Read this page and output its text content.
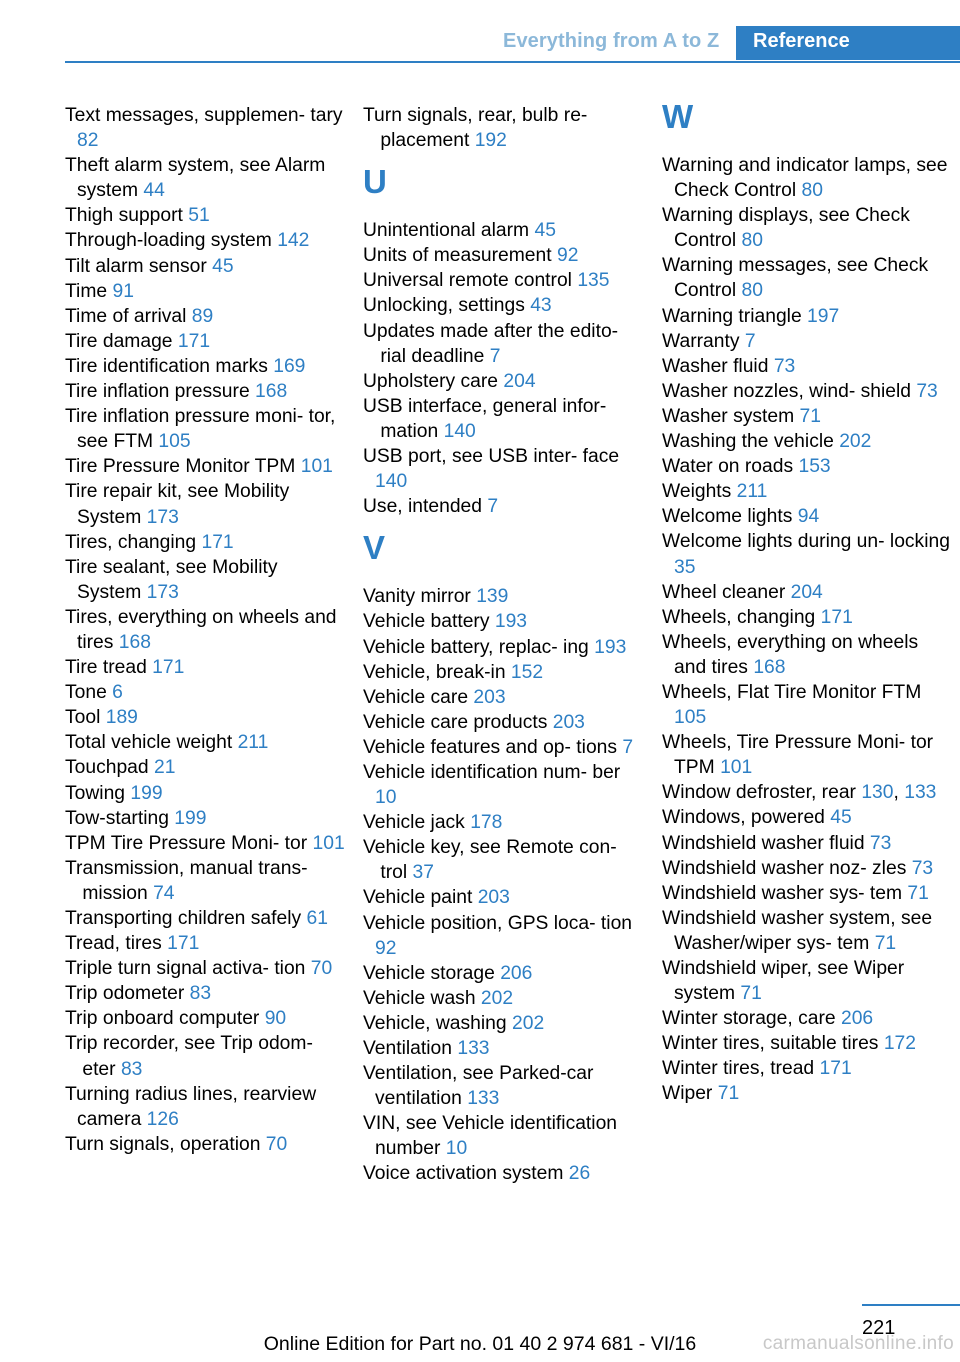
Everything from A to Z	Reference
Text messages, supplemen- tary 82
Theft alarm system, see Alarm system 44
Thigh support 51
Through-loading system 142
Tilt alarm sensor 45
Time 91
Time of arrival 89
Tire damage 171
Tire identification marks 169
Tire inflation pressure 168
Tire inflation pressure moni- tor, see FTM 105
Tire Pressure Monitor TPM 101
Tire repair kit, see Mobility System 173
Tires, changing 171
Tire sealant, see Mobility System 173
Tires, everything on wheels and tires 168
Tire tread 171
Tone 6
Tool 189
Total vehicle weight 211
Touchpad 21
Towing 199
Tow-starting 199
TPM Tire Pressure Moni- tor 101
Transmission, manual trans- mission 74
Transporting children safely 61
Tread, tires 171
Triple turn signal activa- tion 70
Trip odometer 83
Trip onboard computer 90
Trip recorder, see Trip odom- eter 83
Turning radius lines, rearview camera 126
Turn signals, operation 70
Turn signals, rear, bulb re- placement 192
U
Unintentional alarm 45
Units of measurement 92
Universal remote control 135
Unlocking, settings 43
Updates made after the edito- rial deadline 7
Upholstery care 204
USB interface, general infor- mation 140
USB port, see USB inter- face 140
Use, intended 7
V
Vanity mirror 139
Vehicle battery 193
Vehicle battery, replac- ing 193
Vehicle, break-in 152
Vehicle care 203
Vehicle care products 203
Vehicle features and op- tions 7
Vehicle identification num- ber 10
Vehicle jack 178
Vehicle key, see Remote con- trol 37
Vehicle paint 203
Vehicle position, GPS loca- tion 92
Vehicle storage 206
Vehicle wash 202
Vehicle, washing 202
Ventilation 133
Ventilation, see Parked-car ventilation 133
VIN, see Vehicle identification number 10
Voice activation system 26
W
Warning and indicator lamps, see Check Control 80
Warning displays, see Check Control 80
Warning messages, see Check Control 80
Warning triangle 197
Warranty 7
Washer fluid 73
Washer nozzles, wind- shield 73
Washer system 71
Washing the vehicle 202
Water on roads 153
Weights 211
Welcome lights 94
Welcome lights during un- locking 35
Wheel cleaner 204
Wheels, changing 171
Wheels, everything on wheels and tires 168
Wheels, Flat Tire Monitor FTM 105
Wheels, Tire Pressure Moni- tor TPM 101
Window defroster, rear 130, 133
Windows, powered 45
Windshield washer fluid 73
Windshield washer noz- zles 73
Windshield washer sys- tem 71
Windshield washer system, see Washer/wiper sys- tem 71
Windshield wiper, see Wiper system 71
Winter storage, care 206
Winter tires, suitable tires 172
Winter tires, tread 171
Wiper 71
221
Online Edition for Part no. 01 40 2 974 681 - VI/16	carmanualsonline.info
